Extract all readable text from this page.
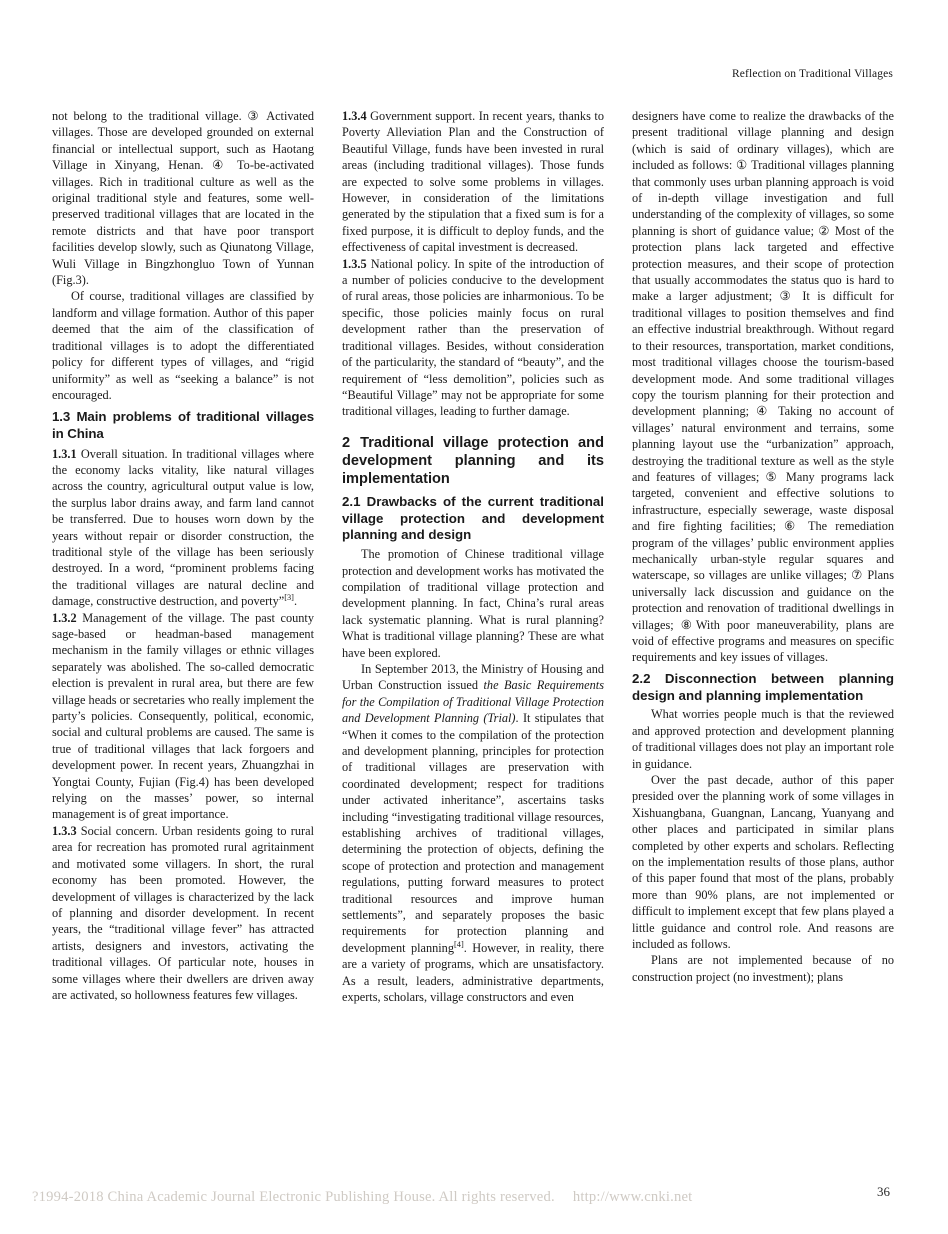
Reflection on Traditional Villages

not belong to the traditional village. ③ Activated villages. Those are developed grounded on external financial or intellectual support, such as Haotang Village in Xinyang, Henan. ④ To-be-activated villages. Rich in traditional culture as well as the original traditional style and features, some well-preserved traditional villages that are located in the remote districts and that have poor transport facilities develop slowly, such as Qiunatong Village, Wuli Village in Bingzhongluo Town of Yunnan (Fig.3).

Of course, traditional villages are classified by landform and village formation. Author of this paper deemed that the aim of the classification of traditional villages is to adopt the differentiated policy for different types of villages, and “rigid uniformity” as well as “seeking a balance” is not encouraged.

1.3 Main problems of traditional villages in China

1.3.1 Overall situation. In traditional villages where the economy lacks vitality, like natural villages across the country, agricultural output value is low, the surplus labor drains away, and farm land cannot be transferred. Due to houses worn down by the years without repair or disorder construction, the traditional style of the village has been seriously destroyed. In a word, “prominent problems facing the traditional villages are natural decline and damage, constructive destruction, and poverty”[3].

1.3.2 Management of the village. The past county sage-based or headman-based management mechanism in the family villages or ethnic villages separately was abolished. The so-called democratic election is prevalent in rural area, but there are few village heads or secretaries who really implement the party’s policies. Consequently, political, economic, social and cultural problems are caused. The same is true of traditional villages that lack forgoers and development power. In recent years, Zhuangzhai in Yongtai County, Fujian (Fig.4) has been developed relying on the masses’ power, so internal management is of great importance.

1.3.3 Social concern. Urban residents going to rural area for recreation has promoted rural agritainment and motivated some villagers. In short, the rural economy has been promoted. However, the development of villages is characterized by the lack of planning and disorder development. In recent years, the “traditional village fever” has attracted artists, designers and investors, activating the traditional villages. Of particular note, houses in some villages where their dwellers are driven away are activated, so hollowness features few villages.

1.3.4 Government support. In recent years, thanks to Poverty Alleviation Plan and the Construction of Beautiful Village, funds have been invested in rural areas (including traditional villages). Those funds are expected to solve some problems in villages. However, in consideration of the limitations generated by the stipulation that a fixed sum is for a fixed purpose, it is difficult to deploy funds, and the effectiveness of capital investment is decreased.

1.3.5 National policy. In spite of the introduction of a number of policies conducive to the development of rural areas, those policies are inharmonious. To be specific, those policies mainly focus on rural development rather than the preservation of traditional villages. Besides, without consideration of the particularity, the standard of “beauty”, and the requirement of “less demolition”, policies such as “Beautiful Village” may not be appropriate for some traditional villages, leading to further damage.

2 Traditional village protection and development planning and its implementation
2.1 Drawbacks of the current traditional village protection and development planning and design

The promotion of Chinese traditional village protection and development works has motivated the compilation of traditional village protection and development planning. In fact, China’s rural areas lack systematic planning. What is rural planning? What is traditional village planning? These are what have been explored.

In September 2013, the Ministry of Housing and Urban Construction issued the Basic Requirements for the Compilation of Traditional Village Protection and Development Planning (Trial). It stipulates that “When it comes to the compilation of the protection and development planning, principles for protection of traditional villages are preservation with coordinated development; respect for traditions under activated inheritance”, ascertains tasks including “investigating traditional village resources, establishing archives of traditional villages, determining the protection of objects, defining the scope of protection and protection and management regulations, putting forward measures to protect traditional resources and improve human settlements”, and separately proposes the basic requirements for protection planning and development planning[4]. However, in reality, there are a variety of programs, which are unsatisfactory. As a result, leaders, administrative departments, experts, scholars, village constructors and even

designers have come to realize the drawbacks of the present traditional village planning and design (which is said of ordinary villages), which are included as follows: ① Traditional villages planning that commonly uses urban planning approach is void of in-depth village investigation and full understanding of the complexity of villages, so some planning is short of guidance value; ② Most of the protection plans lack targeted and effective protection measures, and their scope of protection that usually accommodates the status quo is hard to make a larger adjustment; ③ It is difficult for traditional villages to position themselves and find an effective industrial breakthrough. Without regard to their resources, transportation, market conditions, most traditional villages choose the tourism-based development mode. And some traditional villages copy the tourism planning for their protection and development planning; ④ Taking no account of villages’ natural environment and terrains, some planning layout use the “urbanization” approach, destroying the traditional texture as well as the style and features of villages; ⑤ Many programs lack targeted, convenient and effective solutions to infrastructure, especially sewerage, waste disposal and fire fighting facilities; ⑥ The remediation program of the villages’ public environment applies mechanically urban-style regular squares and waterscape, so villages are unlike villages; ⑦ Plans universally lack discussion and guidance on the protection and renovation of traditional dwellings in villages; ⑧With poor maneuverability, plans are void of effective programs and measures on specific requirements and key issues of villages.

2.2 Disconnection between planning design and planning implementation

What worries people much is that the reviewed and approved protection and development planning of traditional villages does not play an important role in guidance.

Over the past decade, author of this paper presided over the planning work of some villages in Xishuangbana, Guangnan, Lancang, Yuanyang and other places and participated in similar plans completed by other experts and scholars. Reflecting on the implementation results of those plans, author of this paper found that most of the plans, probably more than 90% plans, are not implemented or difficult to implement except that few plans played a little guidance and control role. And reasons are included as follows.

Plans are not implemented because of no construction project (no investment); plans

?1994-2018 China Academic Journal Electronic Publishing House. All rights reserved. http://www.cnki.net	36
